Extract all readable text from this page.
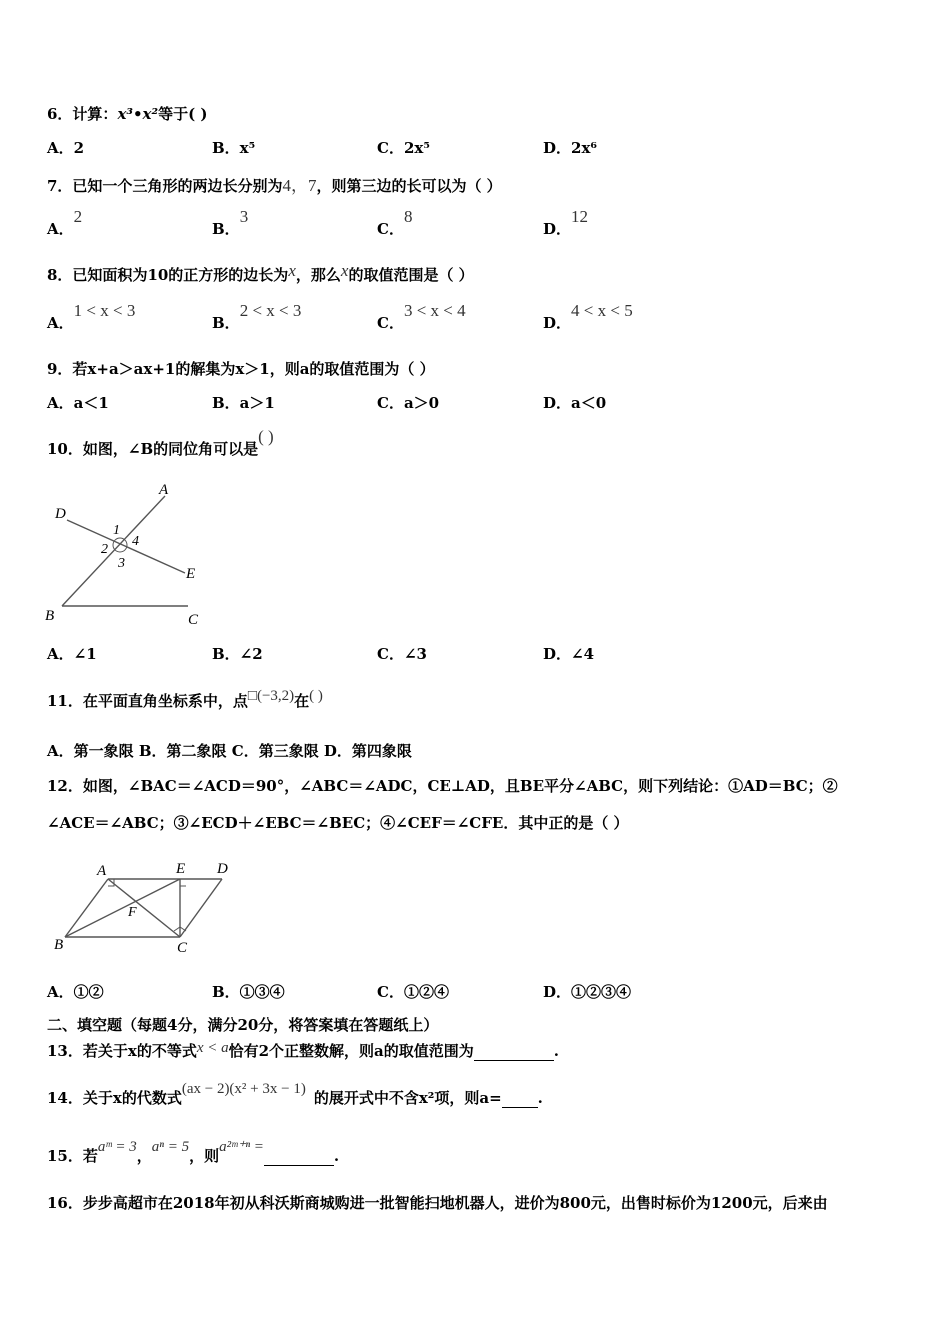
6．计算：x³•x²等于( )
A．2	B．x⁵	C．2x⁵	D．2x⁶
7．已知一个三角形的两边长分别为4，7，则第三边的长可以为（ ）
A．2
B．3
C．8
D．12
8．已知面积为10的正方形的边长为x，那么x的取值范围是（ ）
A．1 < x < 3
B．2 < x < 3
C．3 < x < 4
D．4 < x < 5
9．若x+a＞ax+1的解集为x＞1，则a的取值范围为（ ）
A．a＜1	B．a＞1	C．a＞0	D．a＜0
10．如图，∠B的同位角可以是( )
A
D
1
2
4
3
E
B	C
A．∠1	B．∠2	C．∠3	D．∠4
11．在平面直角坐标系中，点□(−3,2)在( )
A．第一象限 B．第二象限 C．第三象限 D．第四象限
12．如图，∠BAC＝∠ACD＝90°，∠ABC＝∠ADC，CE⊥AD，且BE平分∠ABC，则下列结论：①AD＝BC；②
∠ACE＝∠ABC；③∠ECD＋∠EBC＝∠BEC；④∠CEF＝∠CFE．其中正的是（ ）
A	E D
F
B	C
A．①②	B．①③④	C．①②④	D．①②③④
二、填空题（每题4分，满分20分，将答案填在答题纸上）
13．若关于x的不等式x < a恰有2个正整数解，则a的取值范围为	.
14．关于x的代数式(ax − 2)(x² + 3x − 1) 的展开式中不含x²项，则a= .
15．若aᵐ = 3，aⁿ = 5，则a²ᵐ⁺ⁿ =	.
16．步步高超市在2018年初从科沃斯商城购进一批智能扫地机器人，进价为800元，出售时标价为1200元，后来由
